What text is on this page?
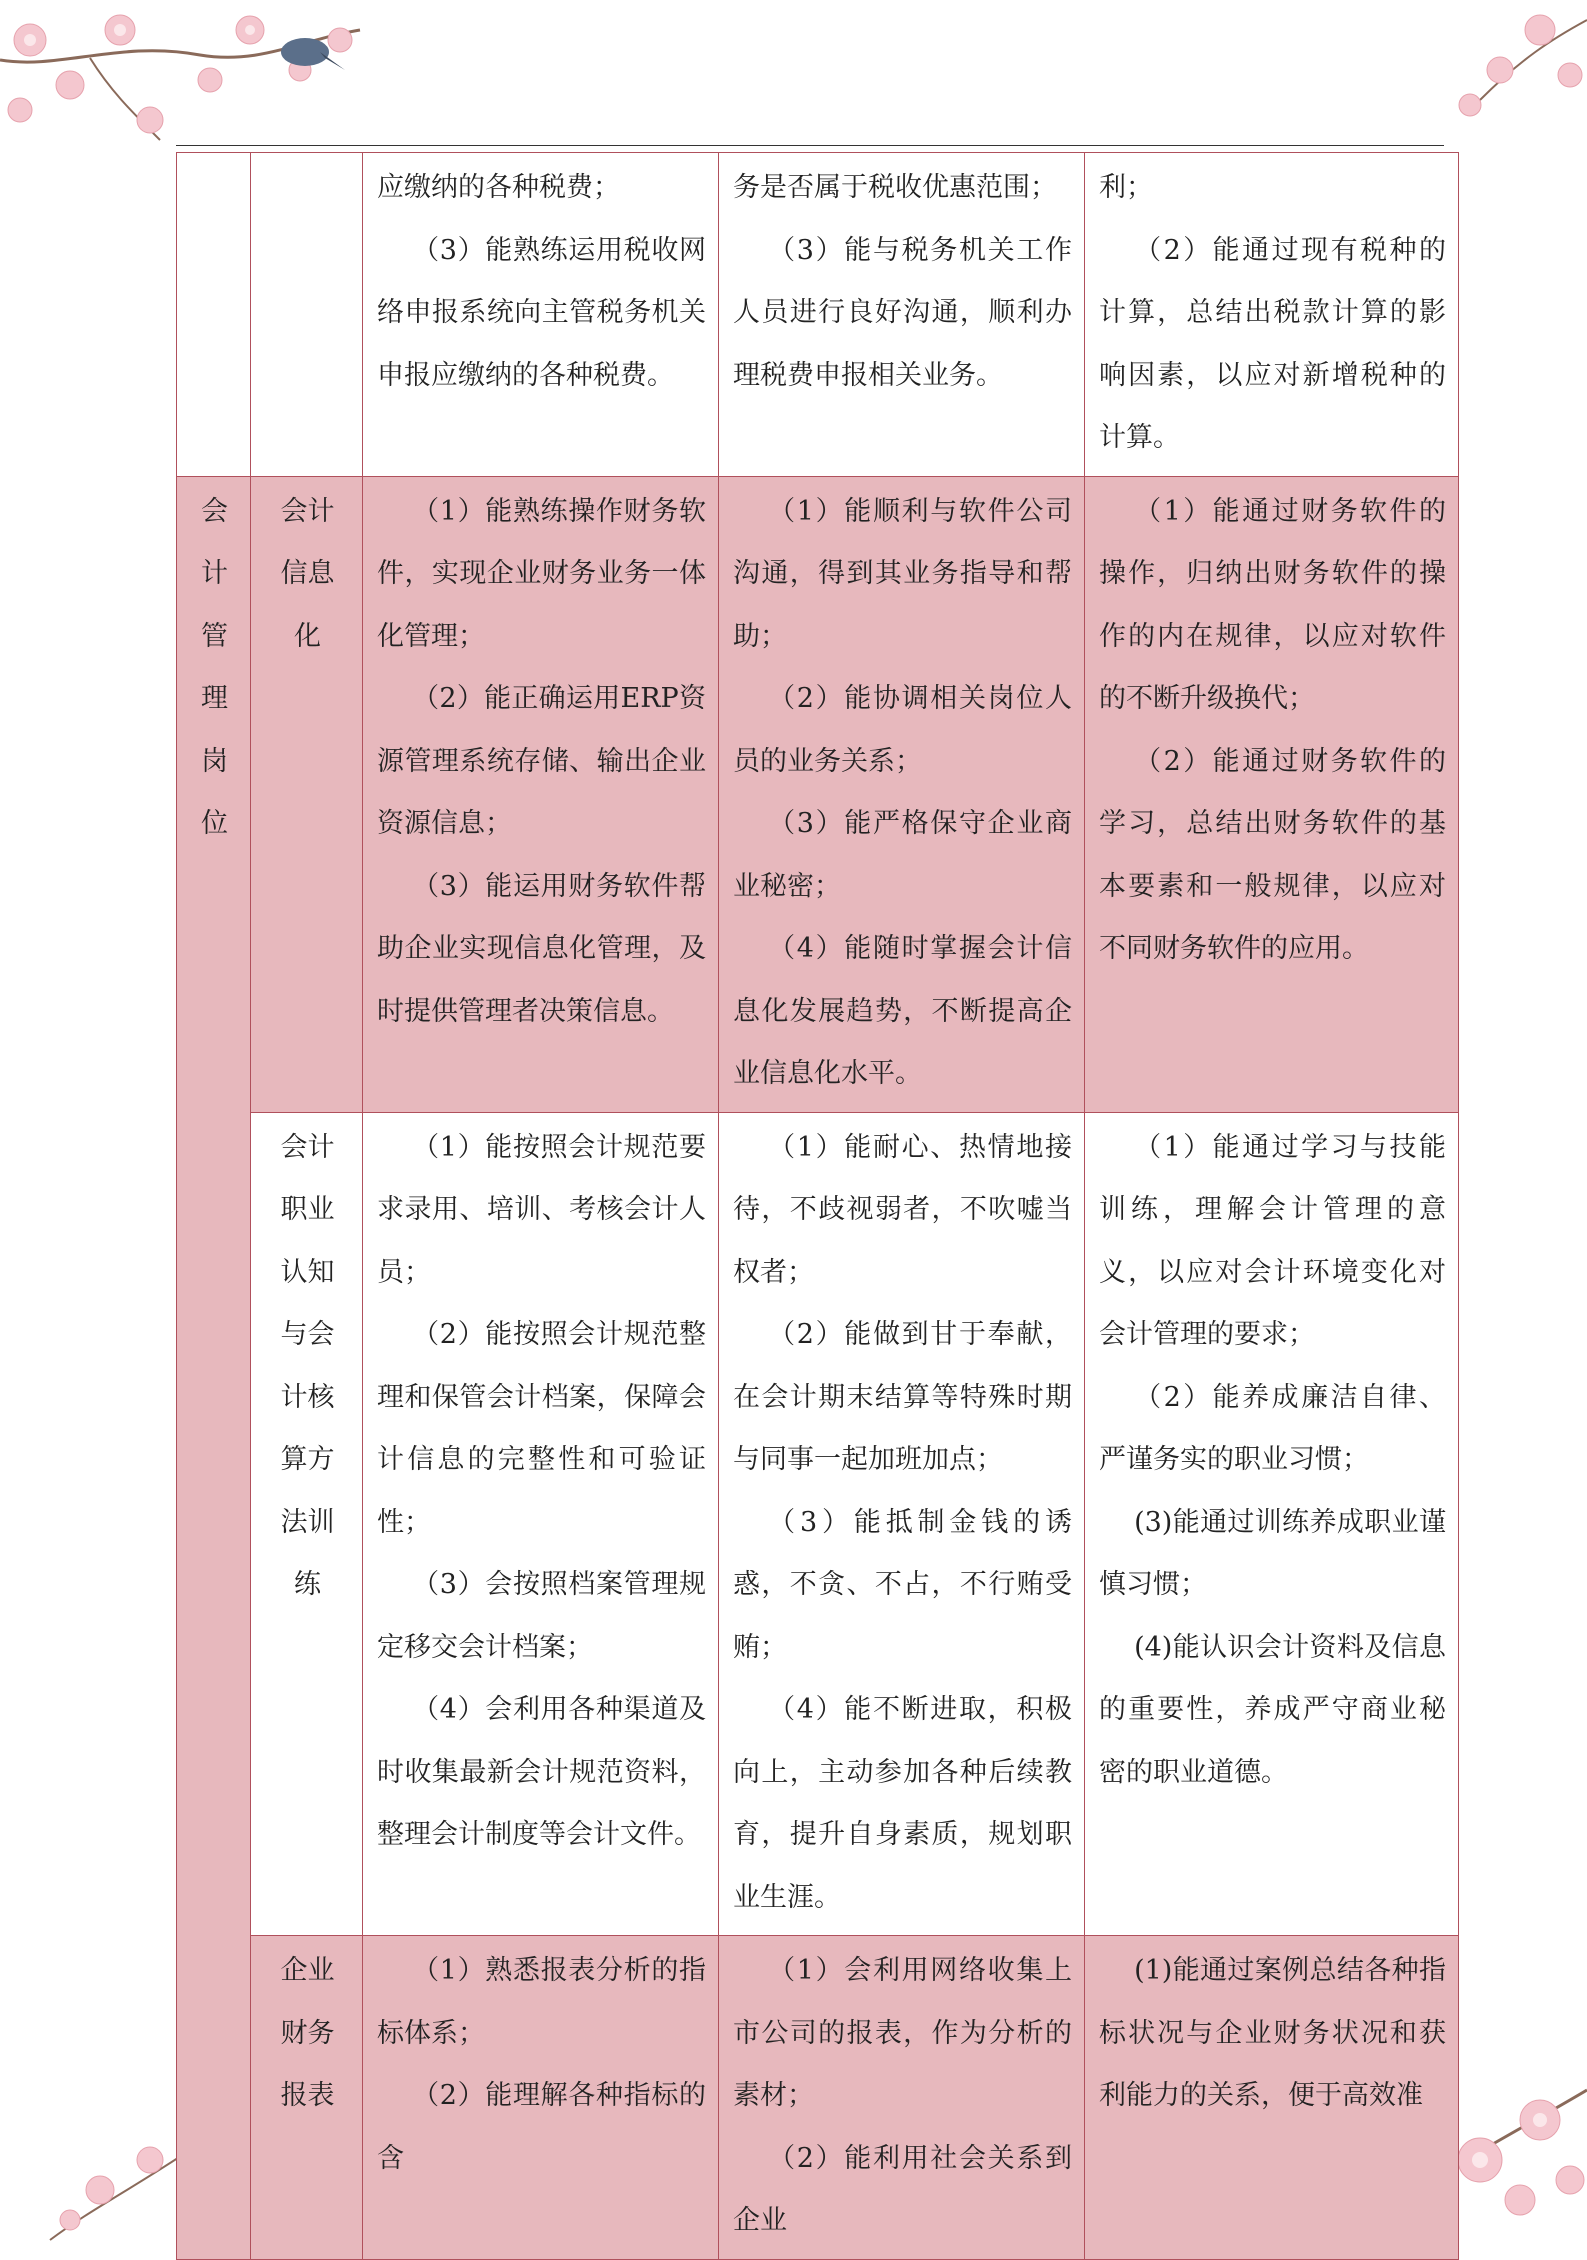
		应缴纳的各种税费；
（3）能熟练运用税收网络申报系统向主管税务机关申报应缴纳的各种税费。	务是否属于税收优惠范围；
（3）能与税务机关工作人员进行良好沟通，顺利办理税费申报相关业务。	利；
（2）能通过现有税种的计算，总结出税款计算的影响因素，以应对新增税种的计算。

会计管理岗位	会计信息化	（1）能熟练操作财务软件，实现企业财务业务一体化管理；
（2）能正确运用ERP资源管理系统存储、输出企业资源信息；
（3）能运用财务软件帮助企业实现信息化管理，及时提供管理者决策信息。	（1）能顺利与软件公司沟通，得到其业务指导和帮助；
（2）能协调相关岗位人员的业务关系；
（3）能严格保守企业商业秘密；
（4）能随时掌握会计信息化发展趋势，不断提高企业信息化水平。	（1）能通过财务软件的操作，归纳出财务软件的操作的内在规律，以应对软件的不断升级换代；
（2）能通过财务软件的学习，总结出财务软件的基本要素和一般规律，以应对不同财务软件的应用。

	会计职业认知与会计核算方法训练	（1）能按照会计规范要求录用、培训、考核会计人员；
（2）能按照会计规范整理和保管会计档案，保障会计信息的完整性和可验证性；
（3）会按照档案管理规定移交会计档案；
（4）会利用各种渠道及时收集最新会计规范资料，整理会计制度等会计文件。	（1）能耐心、热情地接待，不歧视弱者，不吹嘘当权者；
（2）能做到甘于奉献，在会计期末结算等特殊时期与同事一起加班加点；
（3）能抵制金钱的诱惑，不贪、不占，不行贿受贿；
（4）能不断进取，积极向上，主动参加各种后续教育，提升自身素质，规划职业生涯。	（1）能通过学习与技能训练，理解会计管理的意义，以应对会计环境变化对会计管理的要求；
（2）能养成廉洁自律、严谨务实的职业习惯；
(3)能通过训练养成职业谨慎习惯；
(4)能认识会计资料及信息的重要性，养成严守商业秘密的职业道德。

	企业财务报表	（1）熟悉报表分析的指标体系；
（2）能理解各种指标的含	（1）会利用网络收集上市公司的报表，作为分析的素材；
（2）能利用社会关系到企业	(1)能通过案例总结各种指标状况与企业财务状况和获利能力的关系，便于高效准
